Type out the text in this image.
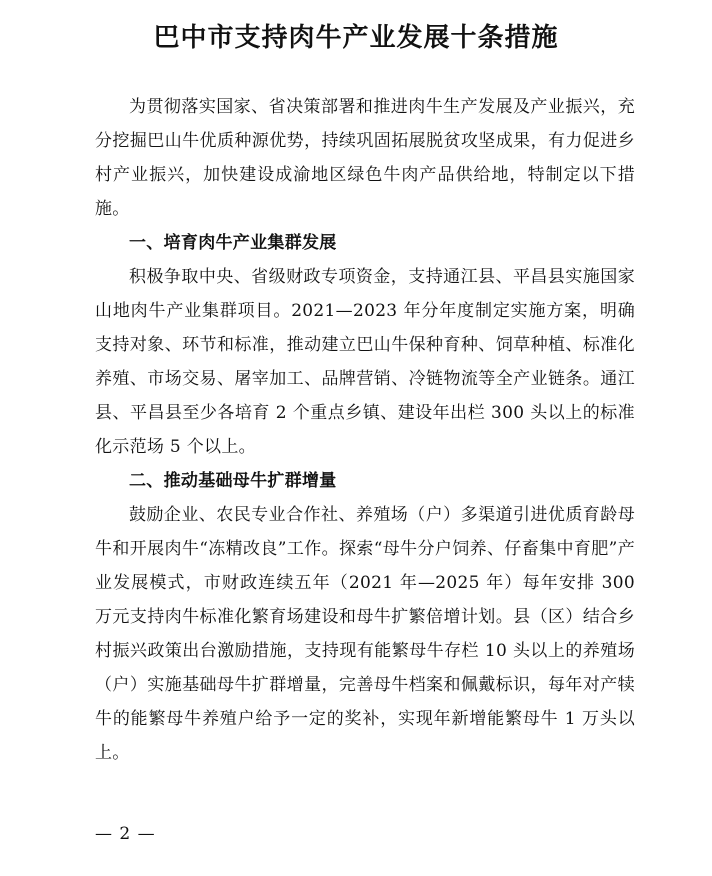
巴中市支持肉牛产业发展十条措施

为贯彻落实国家、省决策部署和推进肉牛生产发展及产业振兴，充分挖掘巴山牛优质种源优势，持续巩固拓展脱贫攻坚成果，有力促进乡村产业振兴，加快建设成渝地区绿色牛肉产品供给地，特制定以下措施。

一、培育肉牛产业集群发展

积极争取中央、省级财政专项资金，支持通江县、平昌县实施国家山地肉牛产业集群项目。2021—2023 年分年度制定实施方案，明确支持对象、环节和标准，推动建立巴山牛保种育种、饲草种植、标准化养殖、市场交易、屠宰加工、品牌营销、冷链物流等全产业链条。通江县、平昌县至少各培育 2 个重点乡镇、建设年出栏 300 头以上的标准化示范场 5 个以上。

二、推动基础母牛扩群增量

鼓励企业、农民专业合作社、养殖场（户）多渠道引进优质育龄母牛和开展肉牛“冻精改良”工作。探索“母牛分户饲养、仔畜集中育肥”产业发展模式，市财政连续五年（2021 年—2025 年）每年安排 300 万元支持肉牛标准化繁育场建设和母牛扩繁倍增计划。县（区）结合乡村振兴政策出台激励措施，支持现有能繁母牛存栏 10 头以上的养殖场（户）实施基础母牛扩群增量，完善母牛档案和佩戴标识，每年对产犊牛的能繁母牛养殖户给予一定的奖补，实现年新增能繁母牛 1 万头以上。

— 2 —
